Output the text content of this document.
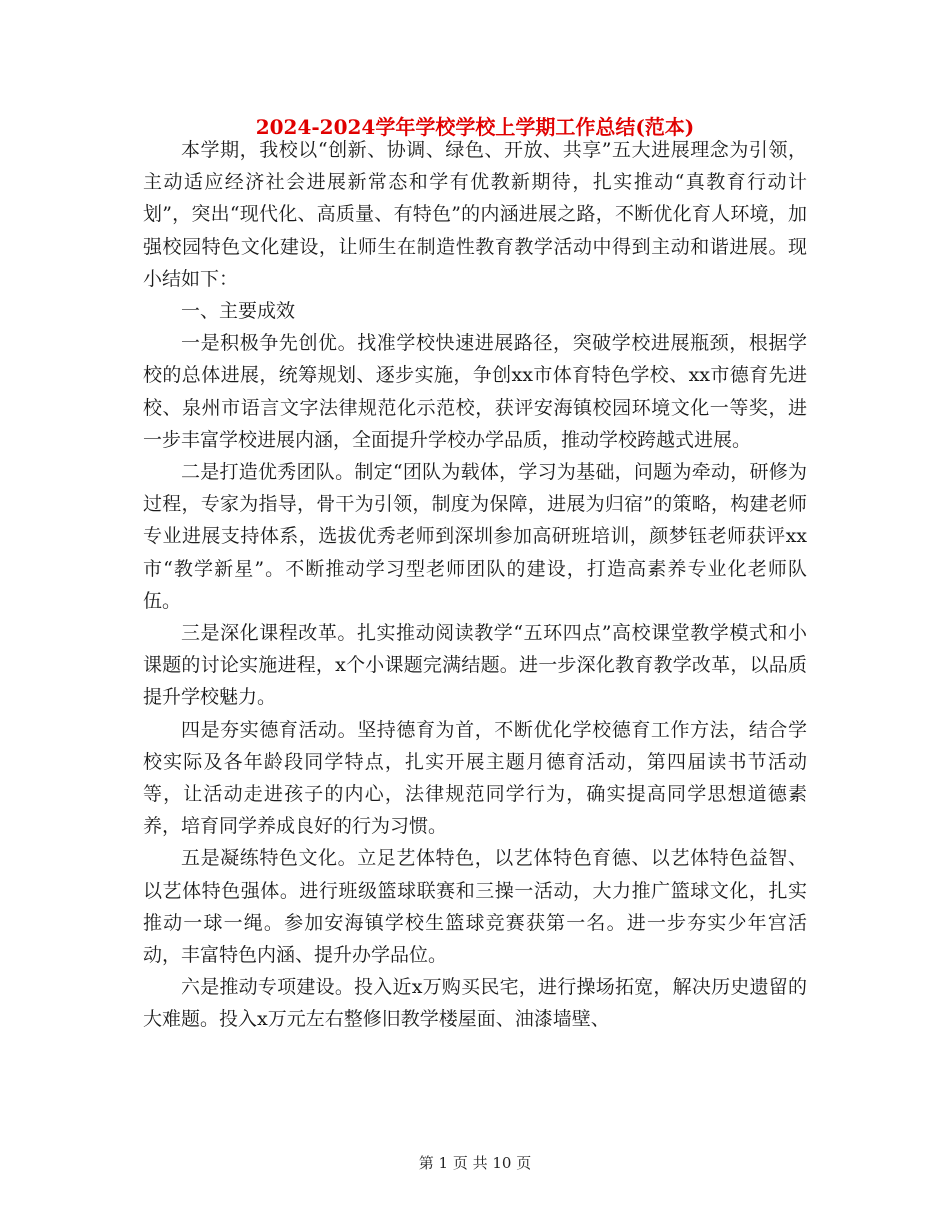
2024-2024学年学校学校上学期工作总结(范本)

本学期，我校以“创新、协调、绿色、开放、共享”五大进展理念为引领，主动适应经济社会进展新常态和学有优教新期待，扎实推动“真教育行动计划”，突出“现代化、高质量、有特色”的内涵进展之路，不断优化育人环境，加强校园特色文化建设，让师生在制造性教育教学活动中得到主动和谐进展。现小结如下：

一、主要成效

一是积极争先创优。找准学校快速进展路径，突破学校进展瓶颈，根据学校的总体进展，统筹规划、逐步实施，争创xx市体育特色学校、xx市德育先进校、泉州市语言文字法律规范化示范校，获评安海镇校园环境文化一等奖，进一步丰富学校进展内涵，全面提升学校办学品质，推动学校跨越式进展。

二是打造优秀团队。制定“团队为载体，学习为基础，问题为牵动，研修为过程，专家为指导，骨干为引领，制度为保障，进展为归宿”的策略，构建老师专业进展支持体系，选拔优秀老师到深圳参加高研班培训，颜梦钰老师获评xx市“教学新星”。不断推动学习型老师团队的建设，打造高素养专业化老师队伍。

三是深化课程改革。扎实推动阅读教学“五环四点”高校课堂教学模式和小课题的讨论实施进程，x个小课题完满结题。进一步深化教育教学改革，以品质提升学校魅力。

四是夯实德育活动。坚持德育为首，不断优化学校德育工作方法，结合学校实际及各年龄段同学特点，扎实开展主题月德育活动，第四届读书节活动等，让活动走进孩子的内心，法律规范同学行为，确实提高同学思想道德素养，培育同学养成良好的行为习惯。

五是凝练特色文化。立足艺体特色，以艺体特色育德、以艺体特色益智、以艺体特色强体。进行班级篮球联赛和三操一活动，大力推广篮球文化，扎实推动一球一绳。参加安海镇学校生篮球竞赛获第一名。进一步夯实少年宫活动，丰富特色内涵、提升办学品位。

六是推动专项建设。投入近x万购买民宅，进行操场拓宽，解决历史遗留的大难题。投入x万元左右整修旧教学楼屋面、油漆墙壁、

第 1 页 共 10 页
